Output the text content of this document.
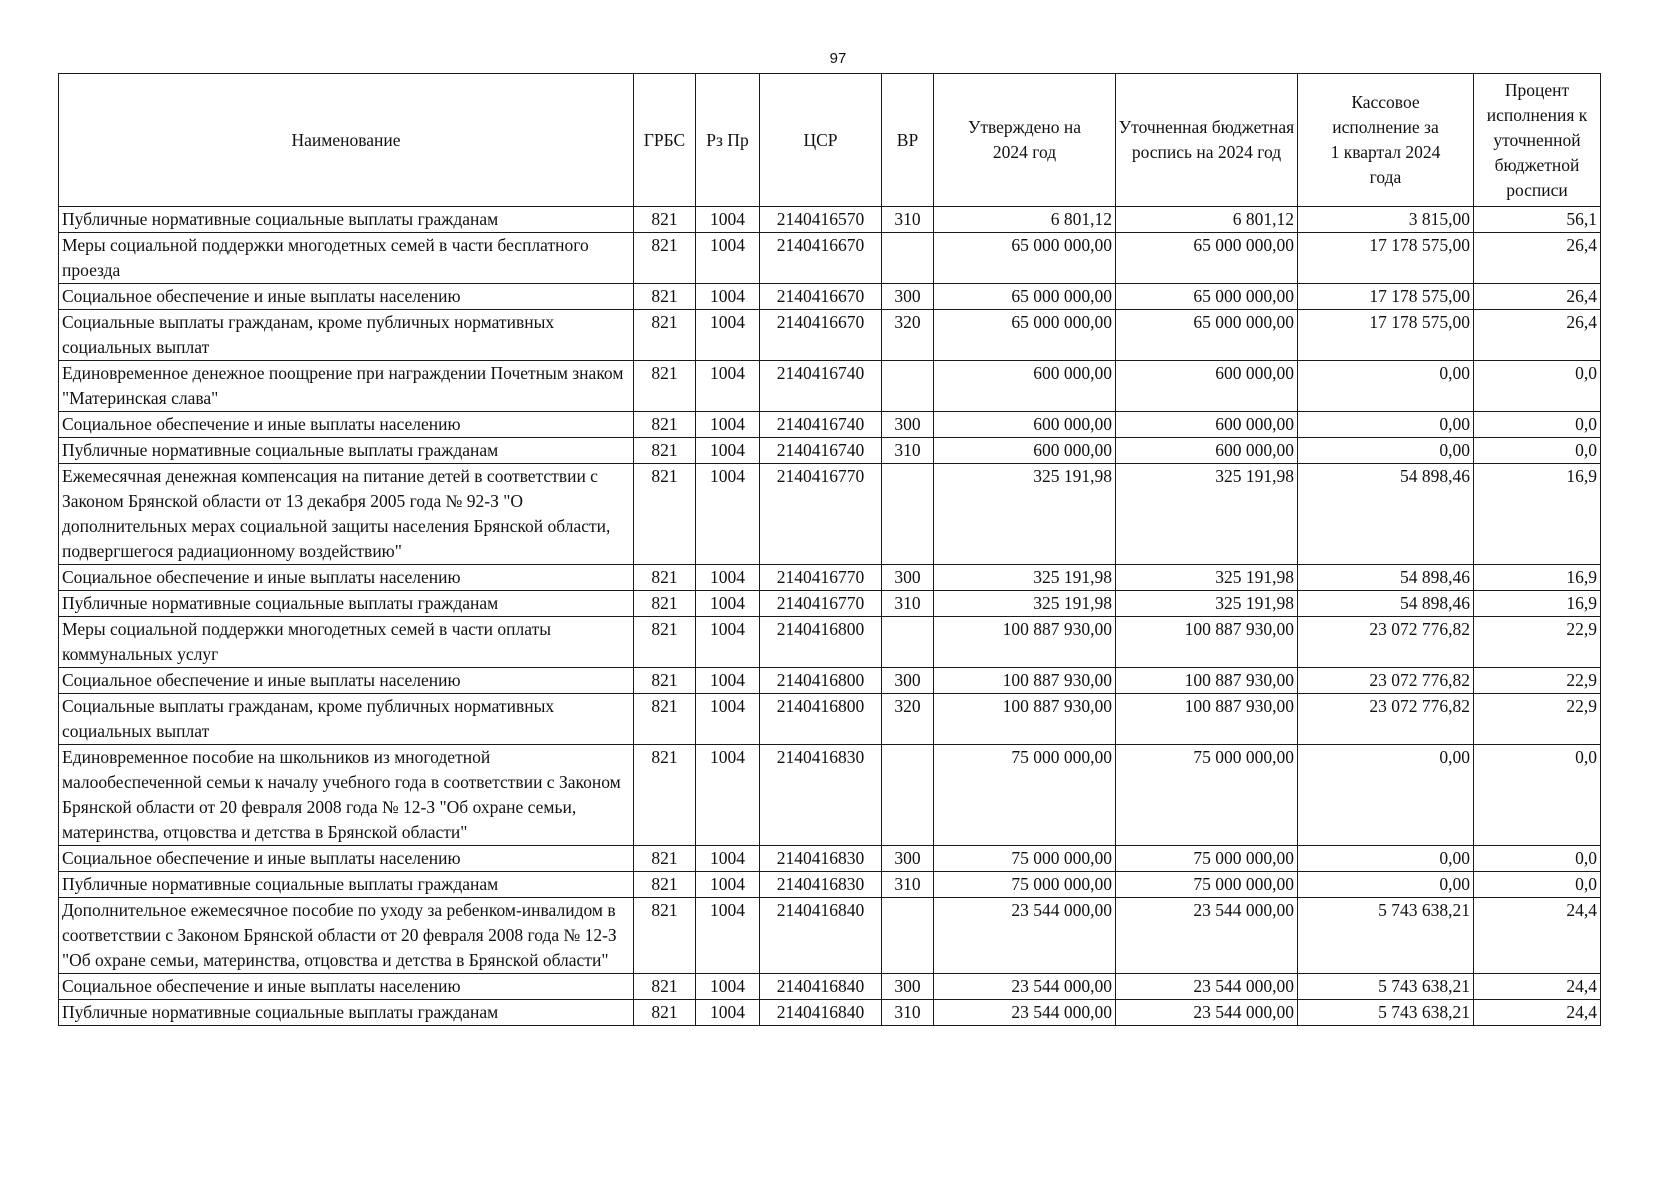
97
Наименование	ГРБС	Рз Пр	ЦСР	ВР	Утверждено на 2024 год	Уточненная бюджетная роспись на 2024 год	Кассовое исполнение за 1 квартал 2024 года	Процент исполнения к уточненной бюджетной росписи
Публичные нормативные социальные выплаты гражданам	821	1004	2140416570	310	6 801,12	6 801,12	3 815,00	56,1
Меры социальной поддержки многодетных семей в части бесплатного проезда	821	1004	2140416670		65 000 000,00	65 000 000,00	17 178 575,00	26,4
Социальное обеспечение и иные выплаты населению	821	1004	2140416670	300	65 000 000,00	65 000 000,00	17 178 575,00	26,4
Социальные выплаты гражданам, кроме публичных нормативных социальных выплат	821	1004	2140416670	320	65 000 000,00	65 000 000,00	17 178 575,00	26,4
Единовременное денежное поощрение при награждении Почетным знаком "Материнская слава"	821	1004	2140416740		600 000,00	600 000,00	0,00	0,0
Социальное обеспечение и иные выплаты населению	821	1004	2140416740	300	600 000,00	600 000,00	0,00	0,0
Публичные нормативные социальные выплаты гражданам	821	1004	2140416740	310	600 000,00	600 000,00	0,00	0,0
Ежемесячная денежная компенсация на питание детей в соответствии с Законом Брянской области от 13 декабря 2005 года № 92-З "О дополнительных мерах социальной защиты населения Брянской области, подвергшегося радиационному воздействию"	821	1004	2140416770		325 191,98	325 191,98	54 898,46	16,9
Социальное обеспечение и иные выплаты населению	821	1004	2140416770	300	325 191,98	325 191,98	54 898,46	16,9
Публичные нормативные социальные выплаты гражданам	821	1004	2140416770	310	325 191,98	325 191,98	54 898,46	16,9
Меры социальной поддержки многодетных семей в части оплаты коммунальных услуг	821	1004	2140416800		100 887 930,00	100 887 930,00	23 072 776,82	22,9
Социальное обеспечение и иные выплаты населению	821	1004	2140416800	300	100 887 930,00	100 887 930,00	23 072 776,82	22,9
Социальные выплаты гражданам, кроме публичных нормативных социальных выплат	821	1004	2140416800	320	100 887 930,00	100 887 930,00	23 072 776,82	22,9
Единовременное пособие на школьников из многодетной малообеспеченной семьи к началу учебного года в соответствии с Законом Брянской области от 20 февраля 2008 года № 12-З "Об охране семьи, материнства, отцовства и детства в Брянской области"	821	1004	2140416830		75 000 000,00	75 000 000,00	0,00	0,0
Социальное обеспечение и иные выплаты населению	821	1004	2140416830	300	75 000 000,00	75 000 000,00	0,00	0,0
Публичные нормативные социальные выплаты гражданам	821	1004	2140416830	310	75 000 000,00	75 000 000,00	0,00	0,0
Дополнительное ежемесячное пособие по уходу за ребенком-инвалидом в соответствии с Законом Брянской области от 20 февраля 2008 года № 12-З "Об охране семьи, материнства, отцовства и детства в Брянской области"	821	1004	2140416840		23 544 000,00	23 544 000,00	5 743 638,21	24,4
Социальное обеспечение и иные выплаты населению	821	1004	2140416840	300	23 544 000,00	23 544 000,00	5 743 638,21	24,4
Публичные нормативные социальные выплаты гражданам	821	1004	2140416840	310	23 544 000,00	23 544 000,00	5 743 638,21	24,4
